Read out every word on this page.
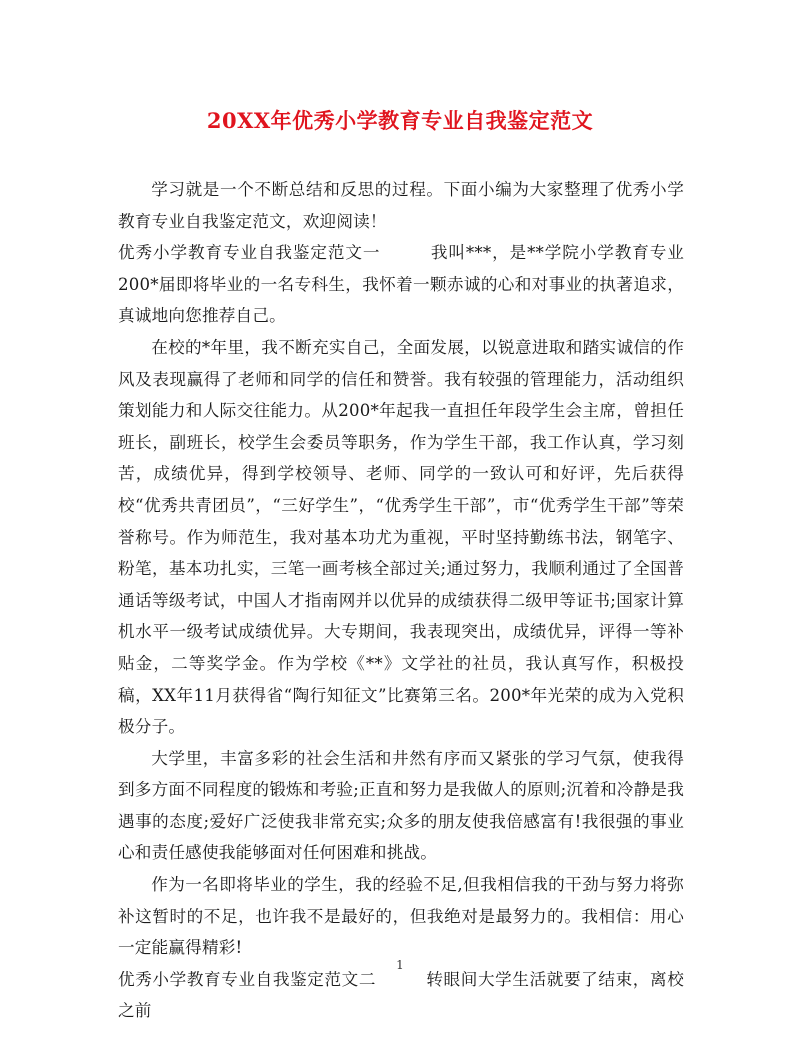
20XX年优秀小学教育专业自我鉴定范文

学习就是一个不断总结和反思的过程。下面小编为大家整理了优秀小学教育专业自我鉴定范文，欢迎阅读！

优秀小学教育专业自我鉴定范文一	我叫***，是**学院小学教育专业200*届即将毕业的一名专科生，我怀着一颗赤诚的心和对事业的执著追求，真诚地向您推荐自己。

在校的*年里，我不断充实自己，全面发展，以锐意进取和踏实诚信的作风及表现赢得了老师和同学的信任和赞誉。我有较强的管理能力，活动组织策划能力和人际交往能力。从200*年起我一直担任年段学生会主席，曾担任班长，副班长，校学生会委员等职务，作为学生干部，我工作认真，学习刻苦，成绩优异，得到学校领导、老师、同学的一致认可和好评，先后获得校“优秀共青团员”，“三好学生”，“优秀学生干部”，市“优秀学生干部”等荣誉称号。作为师范生，我对基本功尤为重视，平时坚持勤练书法，钢笔字、粉笔，基本功扎实，三笔一画考核全部过关;通过努力，我顺利通过了全国普通话等级考试，中国人才指南网并以优异的成绩获得二级甲等证书;国家计算机水平一级考试成绩优异。大专期间，我表现突出，成绩优异，评得一等补贴金，二等奖学金。作为学校《**》文学社的社员，我认真写作，积极投稿，XX年11月获得省“陶行知征文”比赛第三名。200*年光荣的成为入党积极分子。

大学里，丰富多彩的社会生活和井然有序而又紧张的学习气氛，使我得到多方面不同程度的锻炼和考验;正直和努力是我做人的原则;沉着和冷静是我遇事的态度;爱好广泛使我非常充实;众多的朋友使我倍感富有!我很强的事业心和责任感使我能够面对任何困难和挑战。

作为一名即将毕业的学生，我的经验不足,但我相信我的干劲与努力将弥补这暂时的不足，也许我不是最好的，但我绝对是最努力的。我相信：用心一定能赢得精彩!

优秀小学教育专业自我鉴定范文二	转眼间大学生活就要了结束，离校之前

1
